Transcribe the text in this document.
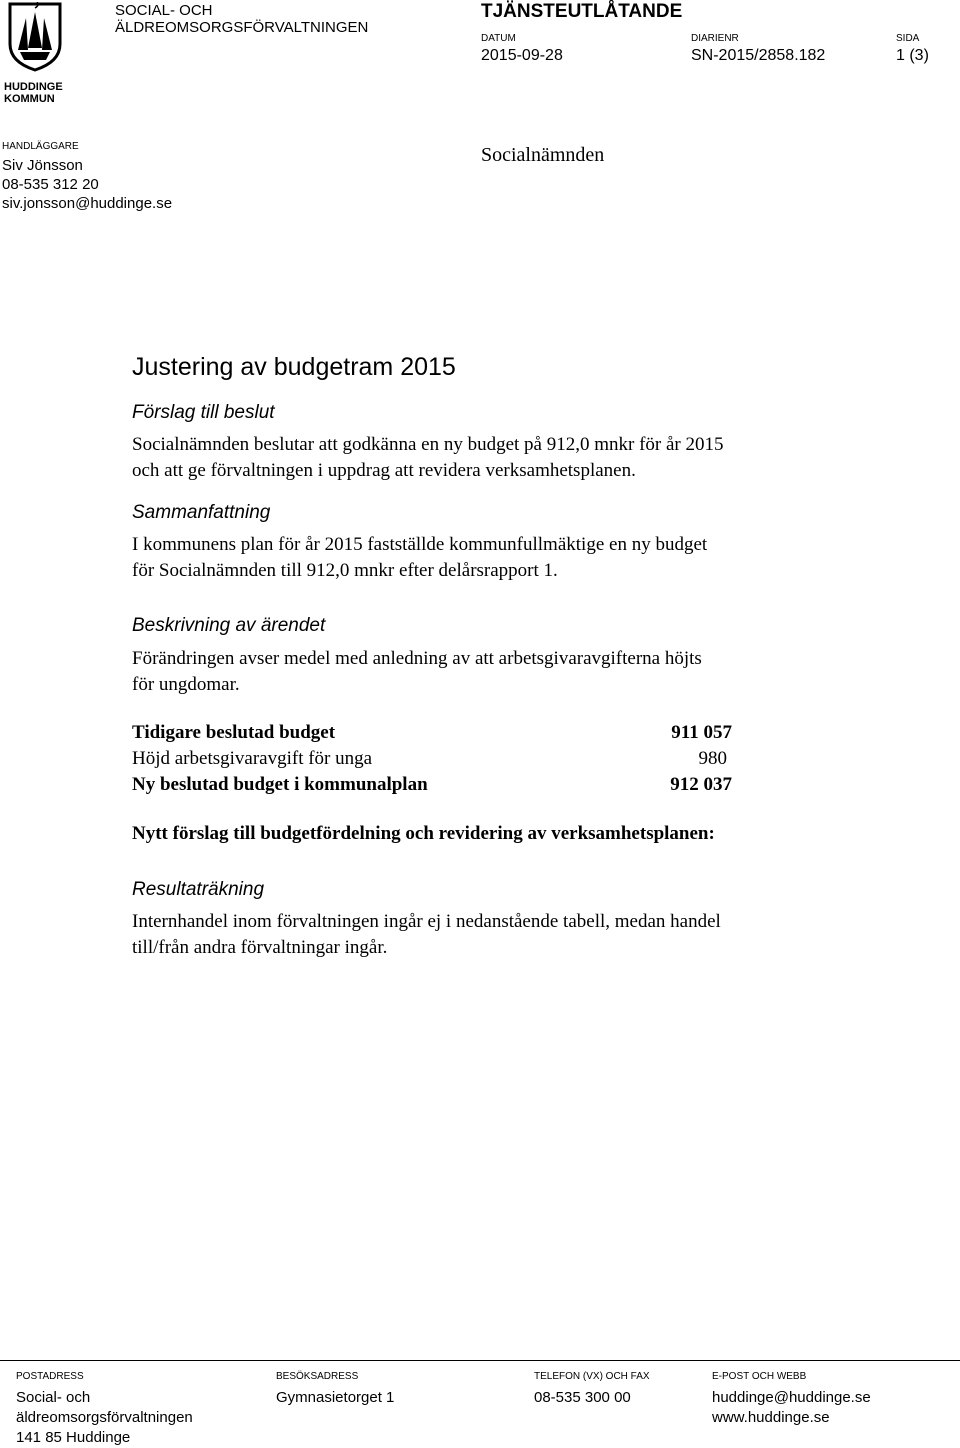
HUDDINGE
KOMMUN
SOCIAL- OCH
ÄLDREOMSORGSFÖRVALTNINGEN
TJÄNSTEUTLÅTANDE
DATUM
2015-09-28
DIARIENR
SN-2015/2858.182
SIDA
1 (3)
HANDLÄGGARE
Siv Jönsson
08-535 312 20
siv.jonsson@huddinge.se
Socialnämnden
Justering av budgetram 2015
Förslag till beslut

Socialnämnden beslutar att godkänna en ny budget på 912,0 mnkr för år 2015
och att ge förvaltningen i uppdrag att revidera verksamhetsplanen.

Sammanfattning

I kommunens plan för år 2015 fastställde kommunfullmäktige en ny budget
för Socialnämnden till 912,0 mnkr efter delårsrapport 1.

Beskrivning av ärendet

Förändringen avser medel med anledning av att arbetsgivaravgifterna höjts
för ungdomar.

Tidigare beslutad budget	911 057
Höjd arbetsgivaravgift för unga	980
Ny beslutad budget i kommunalplan	912 037
Nytt förslag till budgetfördelning och revidering av verksamhetsplanen:
Resultaträkning

Internhandel inom förvaltningen ingår ej i nedanstående tabell, medan handel
till/från andra förvaltningar ingår.

POSTADRESS
Social- och
äldreomsorgsförvaltningen
141 85 Huddinge
BESÖKSADRESS
Gymnasietorget 1
TELEFON (VX) OCH FAX
08-535 300 00
E-POST OCH WEBB
huddinge@huddinge.se
www.huddinge.se
